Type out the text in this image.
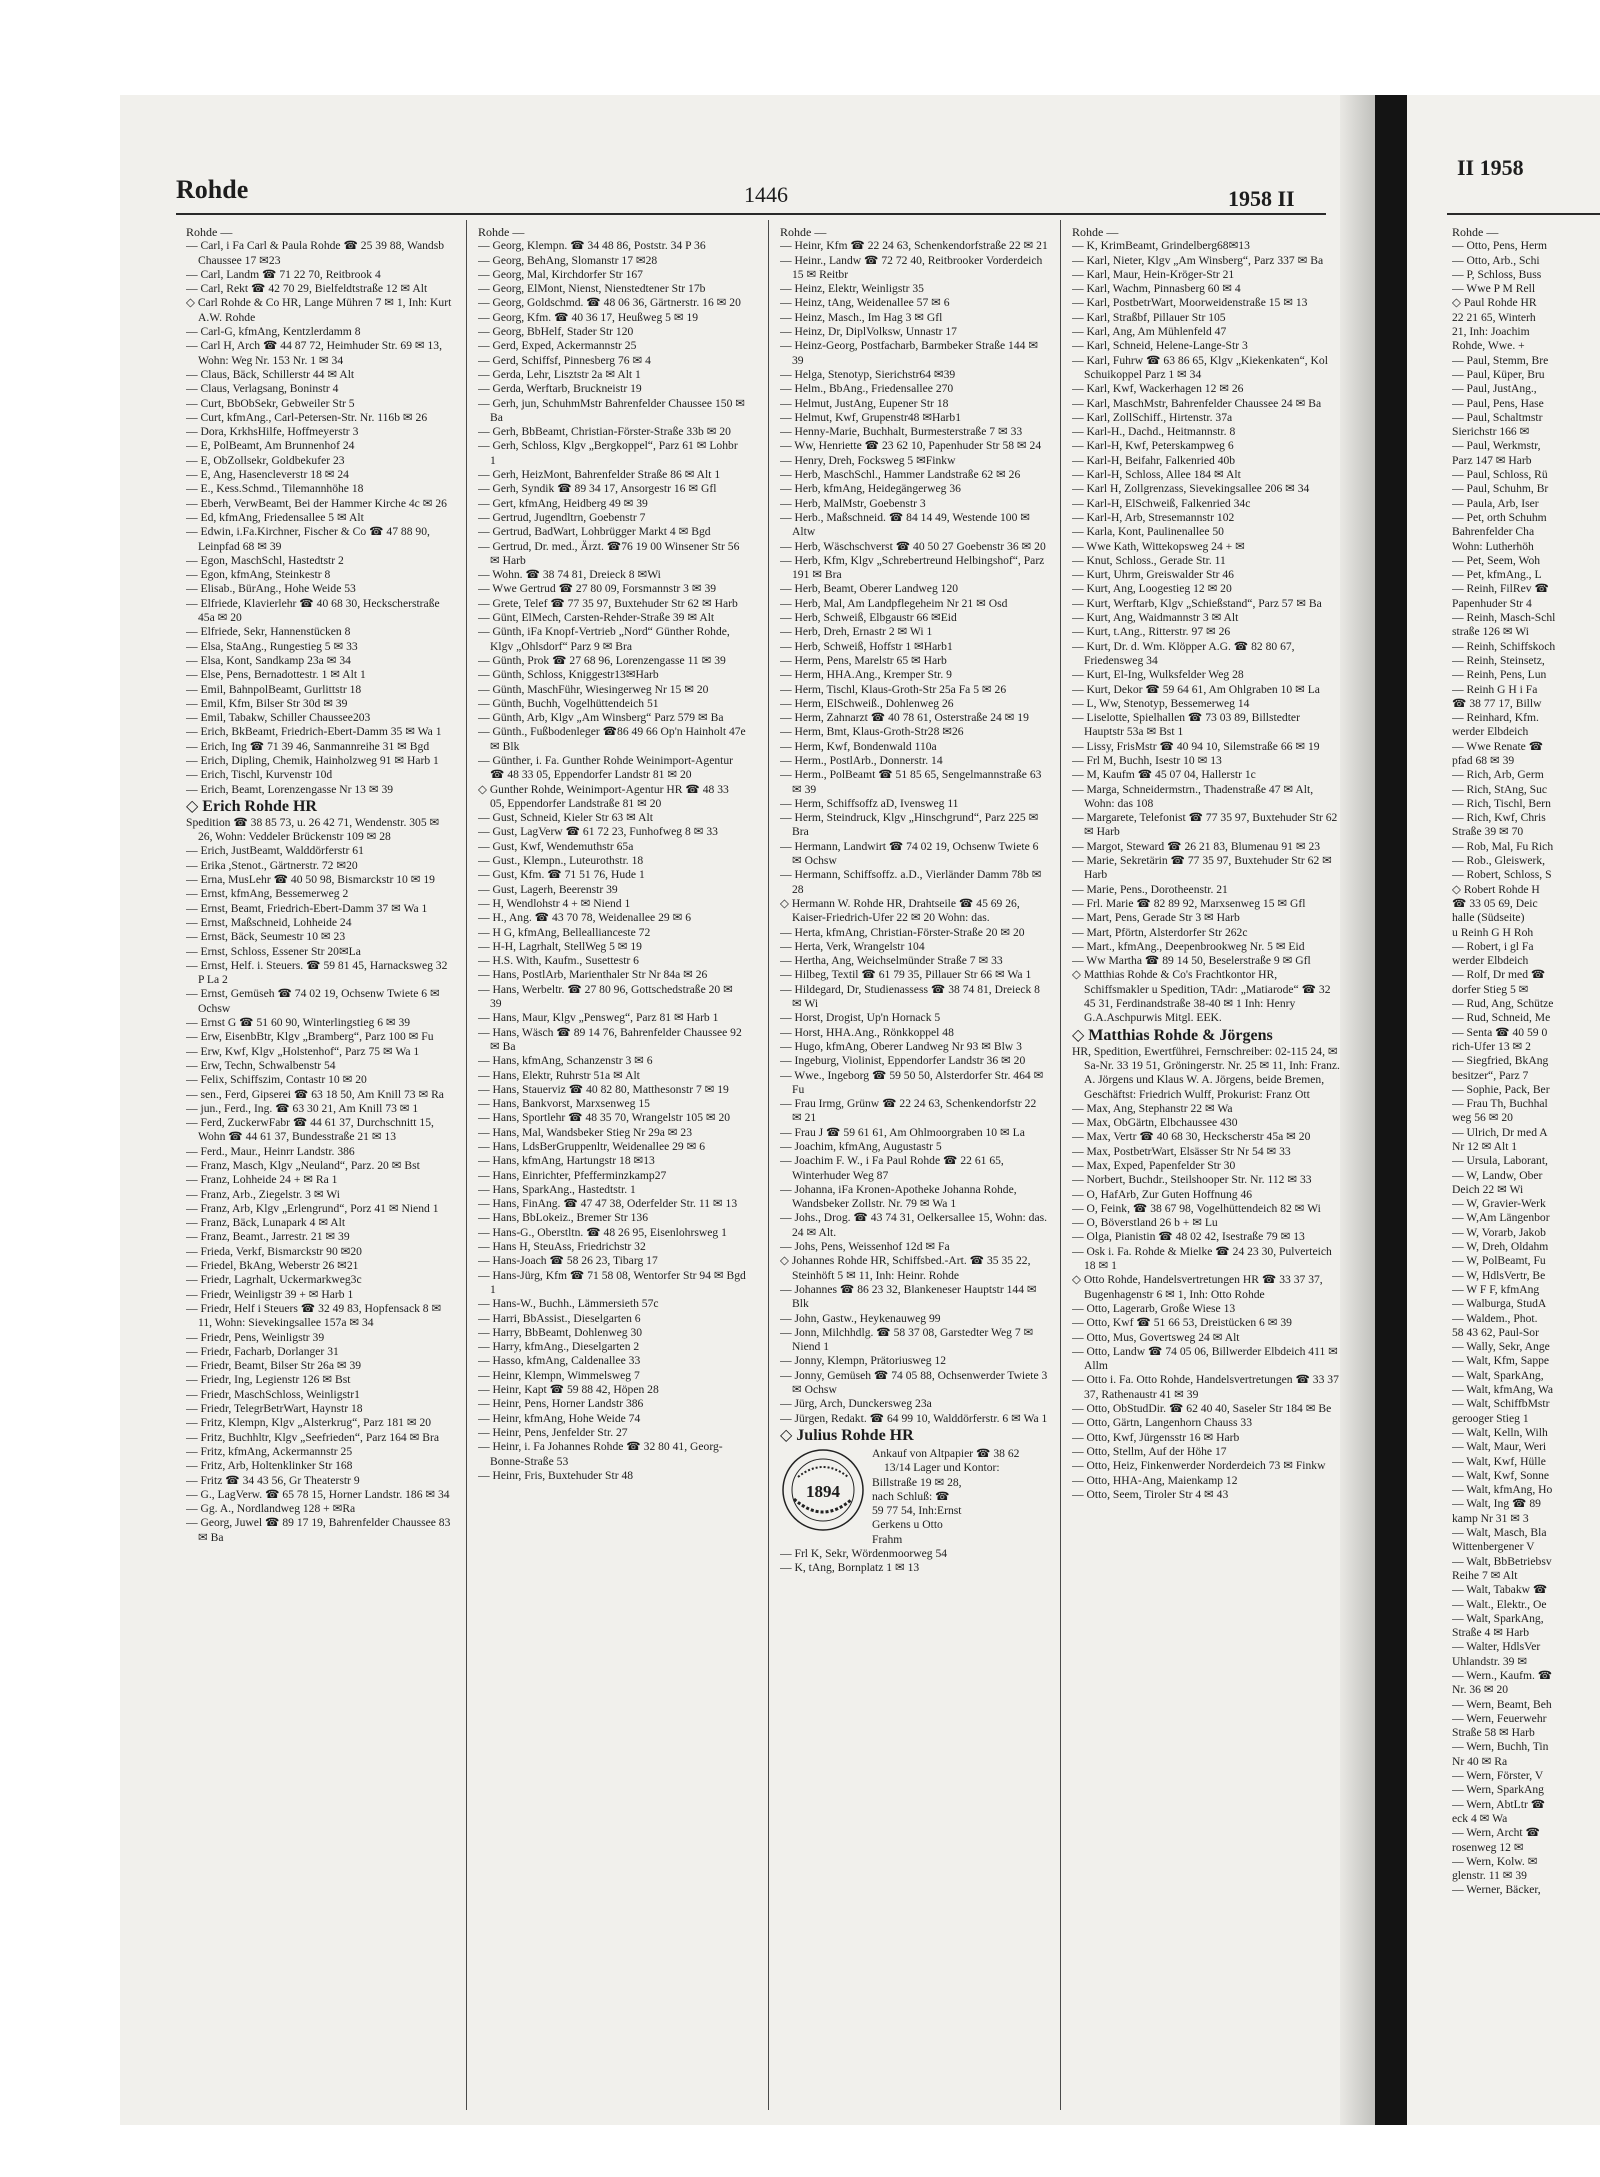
Rohde	1446	1958 II
Rohde —
— Carl, i Fa Carl & Paula Rohde ☎ 25 39 88, Wandsb Chaussee 17 ✉23
— Carl, Landm ☎ 71 22 70, Reitbrook 4
— Carl, Rekt ☎ 42 70 29, Bielfeldtstraße 12 ✉ Alt
◇ Carl Rohde & Co HR, Lange Mühren 7 ✉ 1, Inh: Kurt A.W. Rohde
— Carl-G, kfmAng, Kentzlerdamm 8
— Carl H, Arch ☎ 44 87 72, Heimhuder Str. 69 ✉ 13, Wohn: Weg Nr. 153 Nr. 1 ✉ 34
— Claus, Bäck, Schillerstr 44 ✉ Alt
— Claus, Verlagsang, Boninstr 4
— Curt, BbObSekr, Gebweiler Str 5
— Curt, kfmAng., Carl-Petersen-Str. Nr. 116b ✉ 26
— Dora, KrkhsHilfe, Hoffmeyerstr 3
— E, PolBeamt, Am Brunnenhof 24
— E, ObZollsekr, Goldbekufer 23
— E, Ang, Hasencleverstr 18 ✉ 24
— E., Kess.Schmd., Tilemannhöhe 18
— Eberh, VerwBeamt, Bei der Hammer Kirche 4c ✉ 26
— Ed, kfmAng, Friedensallee 5 ✉ Alt
— Edwin, i.Fa.Kirchner, Fischer & Co ☎ 47 88 90, Leinpfad 68 ✉ 39
— Egon, MaschSchl, Hastedtstr 2
— Egon, kfmAng, Steinkestr 8
— Elisab., BürAng., Hohe Weide 53
— Elfriede, Klavierlehr ☎ 40 68 30, Heckscherstraße 45a ✉ 20
— Elfriede, Sekr, Hannenstücken 8
— Elsa, StaAng., Rungestieg 5 ✉ 33
— Elsa, Kont, Sandkamp 23a ✉ 34
— Else, Pens, Bernadottestr. 1 ✉ Alt 1
— Emil, BahnpolBeamt, Gurlittstr 18
— Emil, Kfm, Bilser Str 30d ✉ 39
— Emil, Tabakw, Schiller Chaussee203
— Erich, BkBeamt, Friedrich-Ebert-Damm 35 ✉ Wa 1
— Erich, Ing ☎ 71 39 46, Sanmannreihe 31 ✉ Bgd
— Erich, Dipling, Chemik, Hainholzweg 91 ✉ Harb 1
— Erich, Tischl, Kurvenstr 10d
— Erich, Beamt, Lorenzengasse Nr 13 ✉ 39
◇ Erich Rohde HR
Spedition ☎ 38 85 73, u. 26 42 71, Wendenstr. 305 ✉ 26, Wohn: Veddeler Brückenstr 109 ✉ 28
— Erich, JustBeamt, Walddörferstr 61
— Erika ,Stenot., Gärtnerstr. 72 ✉20
— Erna, MusLehr ☎ 40 50 98, Bismarckstr 10 ✉ 19
— Ernst, kfmAng, Bessemerweg 2
— Ernst, Beamt, Friedrich-Ebert-Damm 37 ✉ Wa 1
— Ernst, Maßschneid, Lohheide 24
— Ernst, Bäck, Seumestr 10 ✉ 23
— Ernst, Schloss, Essener Str 20✉La
— Ernst, Helf. i. Steuers. ☎ 59 81 45, Harnacksweg 32 P La 2
— Ernst, Gemüseh ☎ 74 02 19, Ochsenw Twiete 6 ✉ Ochsw
— Ernst G ☎ 51 60 90, Winterlingstieg 6 ✉ 39
— Erw, EisenbBtr, Klgv „Bramberg“, Parz 100 ✉ Fu
— Erw, Kwf, Klgv „Holstenhof“, Parz 75 ✉ Wa 1
— Erw, Techn, Schwalbenstr 54
— Felix, Schiffszim, Contastr 10 ✉ 20
— sen., Ferd, Gipserei ☎ 63 18 50, Am Knill 73 ✉ Ra
— jun., Ferd., Ing. ☎ 63 30 21, Am Knill 73 ✉ 1
— Ferd, ZuckerwFabr ☎ 44 61 37, Durchschnitt 15, Wohn ☎ 44 61 37, Bundesstraße 21 ✉ 13
— Ferd., Maur., Heinrr Landstr. 386
— Franz, Masch, Klgv „Neuland“, Parz. 20 ✉ Bst
— Franz, Lohheide 24 + ✉ Ra 1
— Franz, Arb., Ziegelstr. 3 ✉ Wi
— Franz, Arb, Klgv „Erlengrund“, Porz 41 ✉ Niend 1
— Franz, Bäck, Lunapark 4 ✉ Alt
— Franz, Beamt., Jarrestr. 21 ✉ 39
— Frieda, Verkf, Bismarckstr 90 ✉20
— Friedel, BkAng, Weberstr 26 ✉21
— Friedr, Lagrhalt, Uckermarkweg3c
— Friedr, Weinligstr 39 + ✉ Harb 1
— Friedr, Helf i Steuers ☎ 32 49 83, Hopfensack 8 ✉ 11, Wohn: Sievekingsallee 157a ✉ 34
— Friedr, Pens, Weinligstr 39
— Friedr, Facharb, Dorlanger 31
— Friedr, Beamt, Bilser Str 26a ✉ 39
— Friedr, Ing, Legienstr 126 ✉ Bst
— Friedr, MaschSchloss, Weinligstr1
— Friedr, TelegrBetrWart, Haynstr 18
— Fritz, Klempn, Klgv „Alsterkrug“, Parz 181 ✉ 20
— Fritz, Buchhltr, Klgv „Seefrieden“, Parz 164 ✉ Bra
— Fritz, kfmAng, Ackermannstr 25
— Fritz, Arb, Holtenklinker Str 168
— Fritz ☎ 34 43 56, Gr Theaterstr 9
— G., LagVerw. ☎ 65 78 15, Horner Landstr. 186 ✉ 34
— Gg. A., Nordlandweg 128 + ✉Ra
— Georg, Juwel ☎ 89 17 19, Bahrenfelder Chaussee 83 ✉ Ba
Rohde —
— Georg, Klempn. ☎ 34 48 86, Poststr. 34 P 36
— Georg, BehAng, Slomanstr 17 ✉28
— Georg, Mal, Kirchdorfer Str 167
— Georg, ElMont, Nienst, Nienstedtener Str 17b
— Georg, Goldschmd. ☎ 48 06 36, Gärtnerstr. 16 ✉ 20
— Georg, Kfm. ☎ 40 36 17, Heußweg 5 ✉ 19
— Georg, BbHelf, Stader Str 120
— Gerd, Exped, Ackermannstr 25
— Gerd, Schiffsf, Pinnesberg 76 ✉ 4
— Gerda, Lehr, Lisztstr 2a ✉ Alt 1
— Gerda, Werftarb, Bruckneistr 19
— Gerh, jun, SchuhmMstr Bahrenfelder Chaussee 150 ✉ Ba
— Gerh, BbBeamt, Christian-Förster-Straße 33b ✉ 20
— Gerh, Schloss, Klgv „Bergkoppel“, Parz 61 ✉ Lohbr 1
— Gerh, HeizMont, Bahrenfelder Straße 86 ✉ Alt 1
— Gerh, Syndik ☎ 89 34 17, Ansorgestr 16 ✉ Gfl
— Gert, kfmAng, Heidberg 49 ✉ 39
— Gertrud, Jugendltrn, Goebenstr 7
— Gertrud, BadWart, Lohbrügger Markt 4 ✉ Bgd
— Gertrud, Dr. med., Ärzt. ☎76 19 00 Winsener Str 56 ✉ Harb
— Wohn. ☎ 38 74 81, Dreieck 8 ✉Wi
— Wwe Gertrud ☎ 27 80 09, Forsmannstr 3 ✉ 39
— Grete, Telef ☎ 77 35 97, Buxtehuder Str 62 ✉ Harb
— Günt, ElMech, Carsten-Rehder-Straße 39 ✉ Alt
— Günth, iFa Knopf-Vertrieb „Nord“ Günther Rohde, Klgv „Ohlsdorf“ Parz 9 ✉ Bra
— Günth, Prok ☎ 27 68 96, Lorenzengasse 11 ✉ 39
— Günth, Schloss, Kniggestr13✉Harb
— Günth, MaschFühr, Wiesingerweg Nr 15 ✉ 20
— Günth, Buchh, Vogelhüttendeich 51
— Günth, Arb, Klgv „Am Winsberg“ Parz 579 ✉ Ba
— Günth., Fußbodenleger ☎86 49 66 Op'n Hainholt 47e ✉ Blk
— Günther, i. Fa. Gunther Rohde Weinimport-Agentur ☎ 48 33 05, Eppendorfer Landstr 81 ✉ 20
◇ Gunther Rohde, Weinimport-Agentur HR ☎ 48 33 05, Eppendorfer Landstraße 81 ✉ 20
— Gust, Schneid, Kieler Str 63 ✉ Alt
— Gust, LagVerw ☎ 61 72 23, Funhofweg 8 ✉ 33
— Gust, Kwf, Wendemuthstr 65a
— Gust., Klempn., Luteurothstr. 18
— Gust, Kfm. ☎ 71 51 76, Hude 1
— Gust, Lagerh, Beerenstr 39
— H, Wendlohstr 4 + ✉ Niend 1
— H., Ang. ☎ 43 70 78, Weidenallee 29 ✉ 6
— H G, kfmAng, Belleallianceste 72
— H-H, Lagrhalt, StellWeg 5 ✉ 19
— H.S. With, Kaufm., Susettestr 6
— Hans, PostlArb, Marienthaler Str Nr 84a ✉ 26
— Hans, Werbeltr. ☎ 27 80 96, Gottschedstraße 20 ✉ 39
— Hans, Maur, Klgv „Pensweg“, Parz 81 ✉ Harb 1
— Hans, Wäsch ☎ 89 14 76, Bahrenfelder Chaussee 92 ✉ Ba
— Hans, kfmAng, Schanzenstr 3 ✉ 6
— Hans, Elektr, Ruhrstr 51a ✉ Alt
— Hans, Stauerviz ☎ 40 82 80, Matthesonstr 7 ✉ 19
— Hans, Bankvorst, Marxsenweg 15
— Hans, Sportlehr ☎ 48 35 70, Wrangelstr 105 ✉ 20
— Hans, Mal, Wandsbeker Stieg Nr 29a ✉ 23
— Hans, LdsBerGruppenltr, Weidenallee 29 ✉ 6
— Hans, kfmAng, Hartungstr 18 ✉13
— Hans, Einrichter, Pfefferminzkamp27
— Hans, SparkAng., Hastedtstr. 1
— Hans, FinAng. ☎ 47 47 38, Oderfelder Str. 11 ✉ 13
— Hans, BbLokeiz., Bremer Str 136
— Hans-G., Oberstltn. ☎ 48 26 95, Eisenlohrsweg 1
— Hans H, SteuAss, Friedrichstr 32
— Hans-Joach ☎ 58 26 23, Tibarg 17
— Hans-Jürg, Kfm ☎ 71 58 08, Wentorfer Str 94 ✉ Bgd 1
— Hans-W., Buchh., Lämmersieth 57c
— Harri, BbAssist., Dieselgarten 6
— Harry, BbBeamt, Dohlenweg 30
— Harry, kfmAng., Dieselgarten 2
— Hasso, kfmAng, Caldenallee 33
— Heinr, Klempn, Wimmelsweg 7
— Heinr, Kapt ☎ 59 88 42, Höpen 28
— Heinr, Pens, Horner Landstr 386
— Heinr, kfmAng, Hohe Weide 74
— Heinr, Pens, Jenfelder Str. 27
— Heinr, i. Fa Johannes Rohde ☎ 32 80 41, Georg-Bonne-Straße 53
— Heinr, Fris, Buxtehuder Str 48
Rohde —
— Heinr, Kfm ☎ 22 24 63, Schenkendorfstraße 22 ✉ 21
— Heinr., Landw ☎ 72 72 40, Reitbrooker Vorderdeich 15 ✉ Reitbr
— Heinz, Elektr, Weinligstr 35
— Heinz, tAng, Weidenallee 57 ✉ 6
— Heinz, Masch., Im Hag 3 ✉ Gfl
— Heinz, Dr, DiplVolksw, Unnastr 17
— Heinz-Georg, Postfacharb, Barmbeker Straße 144 ✉ 39
— Helga, Stenotyp, Sierichstr64 ✉39
— Helm., BbAng., Friedensallee 270
— Helmut, JustAng, Eupener Str 18
— Helmut, Kwf, Grupenstr48 ✉Harb1
— Henny-Marie, Buchhalt, Burmesterstraße 7 ✉ 33
— Ww, Henriette ☎ 23 62 10, Papenhuder Str 58 ✉ 24
— Henry, Dreh, Focksweg 5 ✉Finkw
— Herb, MaschSchl., Hammer Landstraße 62 ✉ 26
— Herb, kfmAng, Heidegängerweg 36
— Herb, MalMstr, Goebenstr 3
— Herb., Maßschneid. ☎ 84 14 49, Westende 100 ✉ Altw
— Herb, Wäschschverst ☎ 40 50 27 Goebenstr 36 ✉ 20
— Herb, Kfm, Klgv „Schrebertreund Helbingshof“, Parz 191 ✉ Bra
— Herb, Beamt, Oberer Landweg 120
— Herb, Mal, Am Landpflegeheim Nr 21 ✉ Osd
— Herb, Schweiß, Elbgaustr 66 ✉Eid
— Herb, Dreh, Ernastr 2 ✉ Wi 1
— Herb, Schweiß, Hoffstr 1 ✉Harb1
— Herm, Pens, Marelstr 65 ✉ Harb
— Herm, HHA.Ang., Kremper Str. 9
— Herm, Tischl, Klaus-Groth-Str 25a Fa 5 ✉ 26
— Herm, ElSchweiß., Dohlenweg 26
— Herm, Zahnarzt ☎ 40 78 61, Osterstraße 24 ✉ 19
— Herm, Bmt, Klaus-Groth-Str28 ✉26
— Herm, Kwf, Bondenwald 110a
— Herm., PostlArb., Donnerstr. 14
— Herm., PolBeamt ☎ 51 85 65, Sengelmannstraße 63 ✉ 39
— Herm, Schiffsoffz aD, Ivensweg 11
— Herm, Steindruck, Klgv „Hinschgrund“, Parz 225 ✉ Bra
— Hermann, Landwirt ☎ 74 02 19, Ochsenw Twiete 6 ✉ Ochsw
— Hermann, Schiffsoffz. a.D., Vierländer Damm 78b ✉ 28
◇ Hermann W. Rohde HR, Drahtseile ☎ 45 69 26, Kaiser-Friedrich-Ufer 22 ✉ 20 Wohn: das.
— Herta, kfmAng, Christian-Förster-Straße 20 ✉ 20
— Herta, Verk, Wrangelstr 104
— Hertha, Ang, Weichselmünder Straße 7 ✉ 33
— Hilbeg, Textil ☎ 61 79 35, Pillauer Str 66 ✉ Wa 1
— Hildegard, Dr, Studienassess ☎ 38 74 81, Dreieck 8 ✉ Wi
— Horst, Drogist, Up'n Hornack 5
— Horst, HHA.Ang., Rönkkoppel 48
— Hugo, kfmAng, Oberer Landweg Nr 93 ✉ Blw 3
— Ingeburg, Violinist, Eppendorfer Landstr 36 ✉ 20
— Wwe., Ingeborg ☎ 59 50 50, Alsterdorfer Str. 464 ✉ Fu
— Frau Irmg, Grünw ☎ 22 24 63, Schenkendorfstr 22 ✉ 21
— Frau J ☎ 59 61 61, Am Ohlmoorgraben 10 ✉ La
— Joachim, kfmAng, Augustastr 5
— Joachim F. W., i Fa Paul Rohde ☎ 22 61 65, Winterhuder Weg 87
— Johanna, iFa Kronen-Apotheke Johanna Rohde, Wandsbeker Zollstr. Nr. 79 ✉ Wa 1
— Johs., Drog. ☎ 43 74 31, Oelkersallee 15, Wohn: das. 24 ✉ Alt.
— Johs, Pens, Weissenhof 12d ✉ Fa
◇ Johannes Rohde HR, Schiffsbed.-Art. ☎ 35 35 22, Steinhöft 5 ✉ 11, Inh: Heinr. Rohde
— Johannes ☎ 86 23 32, Blankeneser Hauptstr 144 ✉ Blk
— John, Gastw., Heykenauweg 99
— Jonn, Milchhdlg. ☎ 58 37 08, Garstedter Weg 7 ✉ Niend 1
— Jonny, Klempn, Prätoriusweg 12
— Jonny, Gemüseh ☎ 74 05 88, Ochsenwerder Twiete 3 ✉ Ochsw
— Jürg, Arch, Dunckersweg 23a
— Jürgen, Redakt. ☎ 64 99 10, Walddörferstr. 6 ✉ Wa 1
◇ Julius Rohde HR
1894
Ankauf von Altpapier ☎ 38 62 13/14 Lager und Kontor:
Billstraße 19 ✉ 28,
nach Schluß: ☎
59 77 54, Inh:Ernst
Gerkens u Otto
Frahm
— Frl K, Sekr, Wördenmoorweg 54
— K, tAng, Bornplatz 1 ✉ 13
Rohde —
— K, KrimBeamt, Grindelberg68✉13
— Karl, Nieter, Klgv „Am Winsberg“, Parz 337 ✉ Ba
— Karl, Maur, Hein-Kröger-Str 21
— Karl, Wachm, Pinnasberg 60 ✉ 4
— Karl, PostbetrWart, Moorweidenstraße 15 ✉ 13
— Karl, Straßbf, Pillauer Str 105
— Karl, Ang, Am Mühlenfeld 47
— Karl, Schneid, Helene-Lange-Str 3
— Karl, Fuhrw ☎ 63 86 65, Klgv „Kiekenkaten“, Kol Schuikoppel Parz 1 ✉ 34
— Karl, Kwf, Wackerhagen 12 ✉ 26
— Karl, MaschMstr, Bahrenfelder Chaussee 24 ✉ Ba
— Karl, ZollSchiff., Hirtenstr. 37a
— Karl-H., Dachd., Heitmannstr. 8
— Karl-H, Kwf, Peterskampweg 6
— Karl-H, Beifahr, Falkenried 40b
— Karl-H, Schloss, Allee 184 ✉ Alt
— Karl H, Zollgrenzass, Sievekingsallee 206 ✉ 34
— Karl-H, ElSchweiß, Falkenried 34c
— Karl-H, Arb, Stresemannstr 102
— Karla, Kont, Paulinenallee 50
— Wwe Kath, Wittekopsweg 24 + ✉
— Knut, Schloss., Gerade Str. 11
— Kurt, Uhrm, Greiswalder Str 46
— Kurt, Ang, Loogestieg 12 ✉ 20
— Kurt, Werftarb, Klgv „Schießstand“, Parz 57 ✉ Ba
— Kurt, Ang, Waidmannstr 3 ✉ Alt
— Kurt, t.Ang., Ritterstr. 97 ✉ 26
— Kurt, Dr. d. Wm. Klöpper A.G. ☎ 82 80 67, Friedensweg 34
— Kurt, El-Ing, Wulksfelder Weg 28
— Kurt, Dekor ☎ 59 64 61, Am Ohlgraben 10 ✉ La
— L, Ww, Stenotyp, Bessemerweg 14
— Liselotte, Spielhallen ☎ 73 03 89, Billstedter Hauptstr 53a ✉ Bst 1
— Lissy, FrisMstr ☎ 40 94 10, Silemstraße 66 ✉ 19
— Frl M, Buchh, Isestr 10 ✉ 13
— M, Kaufm ☎ 45 07 04, Hallerstr 1c
— Marga, Schneidermstrn., Thadenstraße 47 ✉ Alt, Wohn: das 108
— Margarete, Telefonist ☎ 77 35 97, Buxtehuder Str 62 ✉ Harb
— Margot, Steward ☎ 26 21 83, Blumenau 91 ✉ 23
— Marie, Sekretärin ☎ 77 35 97, Buxtehuder Str 62 ✉ Harb
— Marie, Pens., Dorotheenstr. 21
— Frl. Marie ☎ 82 89 92, Marxsenweg 15 ✉ Gfl
— Mart, Pens, Gerade Str 3 ✉ Harb
— Mart, Pförtn, Alsterdorfer Str 262c
— Mart., kfmAng., Deepenbrookweg Nr. 5 ✉ Eid
— Ww Martha ☎ 89 14 50, Beselerstraße 9 ✉ Gfl
◇ Matthias Rohde & Co's Frachtkontor HR, Schiffsmakler u Spedition, TAdr: „Matiarode“ ☎ 32 45 31, Ferdinandstraße 38-40 ✉ 1 Inh: Henry G.A.Aschpurwis Mitgl. EEK.
◇ Matthias Rohde & Jörgens
HR, Spedition, Ewertführei, Fernschreiber: 02-115 24, ✉ Sa-Nr. 33 19 51, Gröningerstr. Nr. 25 ✉ 11, Inh: Franz. A. Jörgens und Klaus W. A. Jörgens, beide Bremen, Geschäftst: Friedrich Wulff, Prokurist: Franz Ott
— Max, Ang, Stephanstr 22 ✉ Wa
— Max, ObGärtn, Elbchaussee 430
— Max, Vertr ☎ 40 68 30, Heckscherstr 45a ✉ 20
— Max, PostbetrWart, Elsässer Str Nr 54 ✉ 33
— Max, Exped, Papenfelder Str 30
— Norbert, Buchdr., Steilshooper Str. Nr. 112 ✉ 33
— O, HafArb, Zur Guten Hoffnung 46
— O, Feink, ☎ 38 67 98, Vogelhüttendeich 82 ✉ Wi
— O, Böverstland 26 b + ✉ Lu
— Olga, Pianistin ☎ 48 02 42, Isestraße 79 ✉ 13
— Osk i. Fa. Rohde & Mielke ☎ 24 23 30, Pulverteich 18 ✉ 1
◇ Otto Rohde, Handelsvertretungen HR ☎ 33 37 37, Bugenhagenstr 6 ✉ 1, Inh: Otto Rohde
— Otto, Lagerarb, Große Wiese 13
— Otto, Kwf ☎ 51 66 53, Dreistücken 6 ✉ 39
— Otto, Mus, Govertsweg 24 ✉ Alt
— Otto, Landw ☎ 74 05 06, Billwerder Elbdeich 411 ✉ Allm
— Otto i. Fa. Otto Rohde, Handelsvertretungen ☎ 33 37 37, Rathenaustr 41 ✉ 39
— Otto, ObStudDir. ☎ 62 40 40, Saseler Str 184 ✉ Be
— Otto, Gärtn, Langenhorn Chauss 33
— Otto, Kwf, Jürgensstr 16 ✉ Harb
— Otto, Stellm, Auf der Höhe 17
— Otto, Heiz, Finkenwerder Norderdeich 73 ✉ Finkw
— Otto, HHA-Ang, Maienkamp 12
— Otto, Seem, Tiroler Str 4 ✉ 43
II 1958
Rohde —
— Otto, Pens, Herm
— Otto, Arb., Schi
— P, Schloss, Buss
— Wwe P M Rell
◇ Paul Rohde HR
22 21 65, Winterh
21, Inh: Joachim
Rohde, Wwe. +
— Paul, Stemm, Bre
— Paul, Küper, Bru
— Paul, JustAng.,
— Paul, Pens, Hase
— Paul, Schaltmstr
Sierichstr 166 ✉
— Paul, Werkmstr,
Parz 147 ✉ Harb
— Paul, Schloss, Rü
— Paul, Schuhm, Br
— Paula, Arb, Iser
— Pet, orth Schuhm
Bahrenfelder Cha
Wohn: Lutherhöh
— Pet, Seem, Woh
— Pet, kfmAng., L
— Reinh, FilRev ☎
Papenhuder Str 4
— Reinh, Masch-Schl
straße 126 ✉ Wi
— Reinh, Schiffskoch
— Reinh, Steinsetz,
— Reinh, Pens, Lun
— Reinh G H i Fa
☎ 38 77 17, Billw
— Reinhard, Kfm.
werder Elbdeich
— Wwe Renate ☎
pfad 68 ✉ 39
— Rich, Arb, Germ
— Rich, StAng, Suc
— Rich, Tischl, Bern
— Rich, Kwf, Chris
Straße 39 ✉ 70
— Rob, Mal, Fu Rich
— Rob., Gleiswerk,
— Robert, Schloss, S
◇ Robert Rohde H
☎ 33 05 69, Deic
halle (Südseite)
u Reinh G H Roh
— Robert, i gl Fa
werder Elbdeich
— Rolf, Dr med ☎
dorfer Stieg 5 ✉
— Rud, Ang, Schütze
— Rud, Schneid, Me
— Senta ☎ 40 59 0
rich-Ufer 13 ✉ 2
— Siegfried, BkAng
besitzer“, Parz 7
— Sophie, Pack, Ber
— Frau Th, Buchhal
weg 56 ✉ 20
— Ulrich, Dr med A
Nr 12 ✉ Alt 1
— Ursula, Laborant,
— W, Landw, Ober
Deich 22 ✉ Wi
— W, Gravier-Werk
— W,Am Längenbor
— W, Vorarb, Jakob
— W, Dreh, Oldahm
— W, PolBeamt, Fu
— W, HdlsVertr, Be
— W F F, kfmAng
— Walburga, StudA
— Waldem., Phot.
58 43 62, Paul-Sor
— Wally, Sekr, Angе
— Walt, Kfm, Sappe
— Walt, SparkAng,
— Walt, kfmAng, Wa
— Walt, SchiffbMstr
gerooger Stieg 1
— Walt, Kelln, Wilh
— Walt, Maur, Weri
— Walt, Kwf, Hülle
— Walt, Kwf, Sonne
— Walt, kfmAng, Ho
— Walt, Ing ☎ 89
kamp Nr 31 ✉ 3
— Walt, Masch, Bla
Wittenbergener V
— Walt, BbBetriebsv
Reihe 7 ✉ Alt
— Walt, Tabakw ☎
— Walt., Elektr., Oe
— Walt, SparkAng,
Straße 4 ✉ Harb
— Walter, HdlsVer
Uhlandstr. 39 ✉
— Wern., Kaufm. ☎
Nr. 36 ✉ 20
— Wern, Beamt, Beh
— Wern, Feuerwehr
Straße 58 ✉ Harb
— Wern, Buchh, Tin
Nr 40 ✉ Ra
— Wern, Förster, V
— Wern, SparkAng
— Wern, AbtLtr ☎
eck 4 ✉ Wa
— Wern, Archt ☎
rosenweg 12 ✉
— Wern, Kolw. ✉
glenstr. 11 ✉ 39
— Werner, Bäcker,
